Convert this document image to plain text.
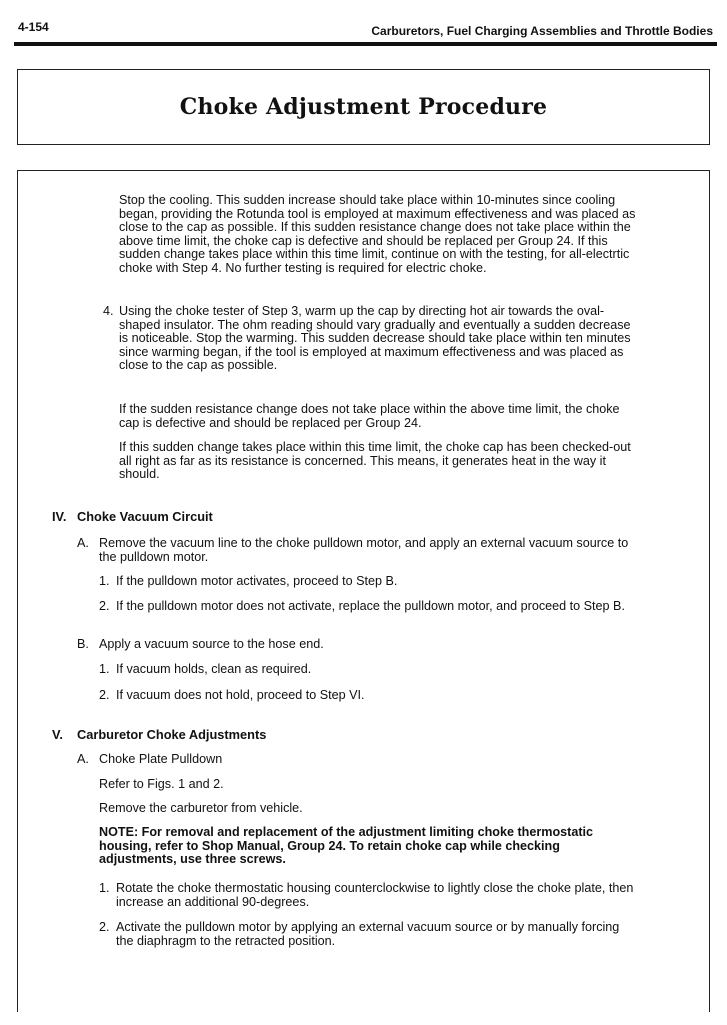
4-154	Carburetors, Fuel Charging Assemblies and Throttle Bodies
Choke Adjustment Procedure

Stop the cooling. This sudden increase should take place within 10-minutes since cooling began, providing the Rotunda tool is employed at maximum effectiveness and was placed as close to the cap as possible. If this sudden resistance change does not take place within the above time limit, the choke cap is defective and should be replaced per Group 24. If this sudden change takes place within this time limit, continue on with the testing, for all-electrtic choke with Step 4. No further testing is required for electric choke.

4. Using the choke tester of Step 3, warm up the cap by directing hot air towards the oval-shaped insulator. The ohm reading should vary gradually and eventually a sudden decrease is noticeable. Stop the warming. This sudden decrease should take place within ten minutes since warming began, if the tool is employed at maximum effectiveness and was placed as close to the cap as possible.

If the sudden resistance change does not take place within the above time limit, the choke cap is defective and should be replaced per Group 24.

If this sudden change takes place within this time limit, the choke cap has been checked-out all right as far as its resistance is concerned. This means, it generates heat in the way it should.

IV. Choke Vacuum Circuit
A. Remove the vacuum line to the choke pulldown motor, and apply an external vacuum source to the pulldown motor.

1. If the pulldown motor activates, proceed to Step B.

2. If the pulldown motor does not activate, replace the pulldown motor, and proceed to Step B.

B. Apply a vacuum source to the hose end.

1. If vacuum holds, clean as required.

2. If vacuum does not hold, proceed to Step VI.

V. Carburetor Choke Adjustments
A. Choke Plate Pulldown

Refer to Figs. 1 and 2.

Remove the carburetor from vehicle.

NOTE: For removal and replacement of the adjustment limiting choke thermostatic housing, refer to Shop Manual, Group 24. To retain choke cap while checking adjustments, use three screws.

1. Rotate the choke thermostatic housing counterclockwise to lightly close the choke plate, then increase an additional 90-degrees.

2. Activate the pulldown motor by applying an external vacuum source or by manually forcing the diaphragm to the retracted position.
